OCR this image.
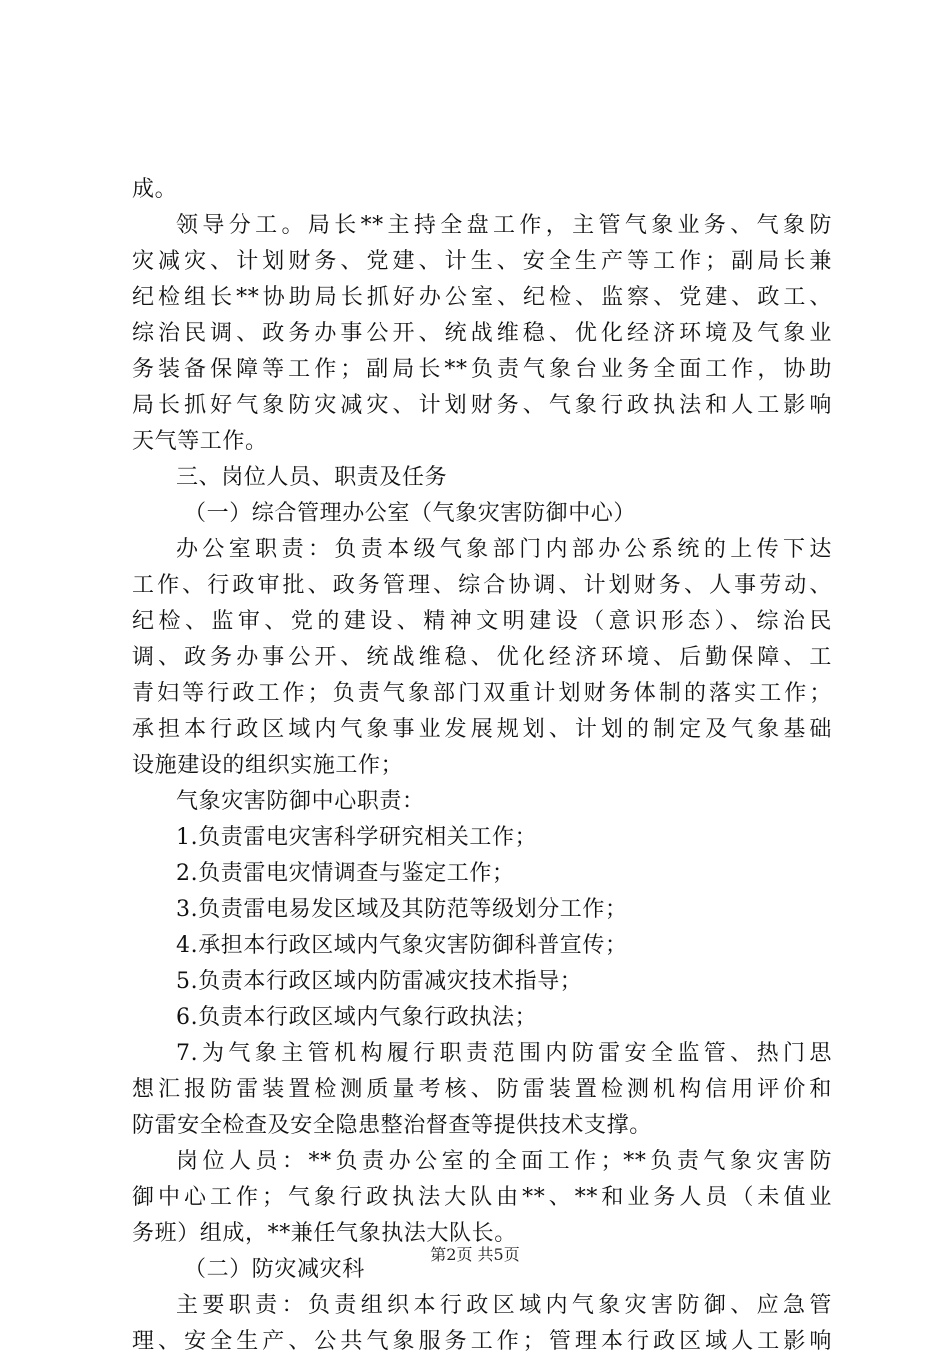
成。
领导分工。局长**主持全盘工作，主管气象业务、气象防
灾减灾、计划财务、党建、计生、安全生产等工作；副局长兼
纪检组长**协助局长抓好办公室、纪检、监察、党建、政工、
综治民调、政务办事公开、统战维稳、优化经济环境及气象业
务装备保障等工作；副局长**负责气象台业务全面工作，协助
局长抓好气象防灾减灾、计划财务、气象行政执法和人工影响
天气等工作。
三、岗位人员、职责及任务
（一）综合管理办公室（气象灾害防御中心）
办公室职责：负责本级气象部门内部办公系统的上传下达
工作、行政审批、政务管理、综合协调、计划财务、人事劳动、
纪检、监审、党的建设、精神文明建设（意识形态）、综治民
调、政务办事公开、统战维稳、优化经济环境、后勤保障、工
青妇等行政工作；负责气象部门双重计划财务体制的落实工作；
承担本行政区域内气象事业发展规划、计划的制定及气象基础
设施建设的组织实施工作；
气象灾害防御中心职责：
1.负责雷电灾害科学研究相关工作；
2.负责雷电灾情调查与鉴定工作；
3.负责雷电易发区域及其防范等级划分工作；
4.承担本行政区域内气象灾害防御科普宣传；
5.负责本行政区域内防雷减灾技术指导；
6.负责本行政区域内气象行政执法；
7.为气象主管机构履行职责范围内防雷安全监管、热门思
想汇报防雷装置检测质量考核、防雷装置检测机构信用评价和
防雷安全检查及安全隐患整治督查等提供技术支撑。
岗位人员：**负责办公室的全面工作；**负责气象灾害防
御中心工作；气象行政执法大队由**、**和业务人员（未值业
务班）组成，**兼任气象执法大队长。
（二）防灾减灾科
主要职责：负责组织本行政区域内气象灾害防御、应急管
理、安全生产、公共气象服务工作；管理本行政区域人工影响
第2页 共5页
